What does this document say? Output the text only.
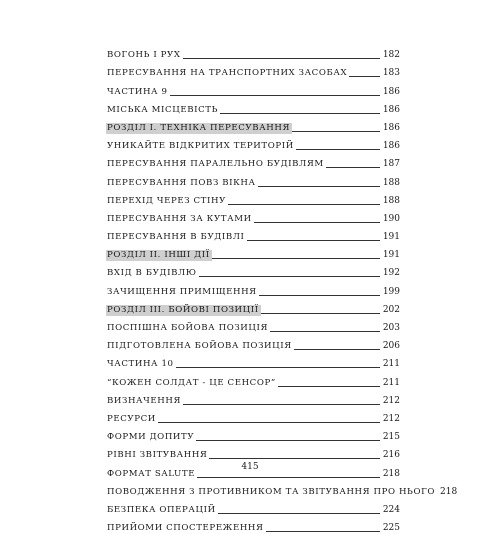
ВОГОНЬ І РУХ	182
ПЕРЕСУВАННЯ НА ТРАНСПОРТНИХ ЗАСОБАХ	183
ЧАСТИНА 9	186
МІСЬКА МІСЦЕВІСТЬ	186
РОЗДІЛ I. ТЕХНІКА ПЕРЕСУВАННЯ	186
УНИКАЙТЕ ВІДКРИТИХ ТЕРИТОРІЙ	186
ПЕРЕСУВАННЯ ПАРАЛЕЛЬНО БУДІВЛЯМ	187
ПЕРЕСУВАННЯ ПОВЗ ВІКНА	188
ПЕРЕХІД ЧЕРЕЗ СТІНУ	188
ПЕРЕСУВАННЯ ЗА КУТАМИ	190
ПЕРЕСУВАННЯ В БУДІВЛІ	191
РОЗДІЛ II. ІНШІ ДІЇ	191
ВХІД В БУДІВЛЮ	192
ЗАЧИЩЕННЯ ПРИМІЩЕННЯ	199
РОЗДІЛ III. БОЙОВІ ПОЗИЦІЇ	202
ПОСПІШНА БОЙОВА ПОЗИЦІЯ	203
ПІДГОТОВЛЕНА БОЙОВА ПОЗИЦІЯ	206
ЧАСТИНА 10	211
“КОЖЕН СОЛДАТ - ЦЕ СЕНСОР”	211
ВИЗНАЧЕННЯ	212
РЕСУРСИ	212
ФОРМИ ДОПИТУ	215
РІВНІ ЗВІТУВАННЯ	216
ФОРМАТ SALUTE	218
ПОВОДЖЕННЯ З ПРОТИВНИКОМ ТА ЗВІТУВАННЯ ПРО НЬОГО 218
БЕЗПЕКА ОПЕРАЦІЙ	224
ПРИЙОМИ СПОСТЕРЕЖЕННЯ	225
415
